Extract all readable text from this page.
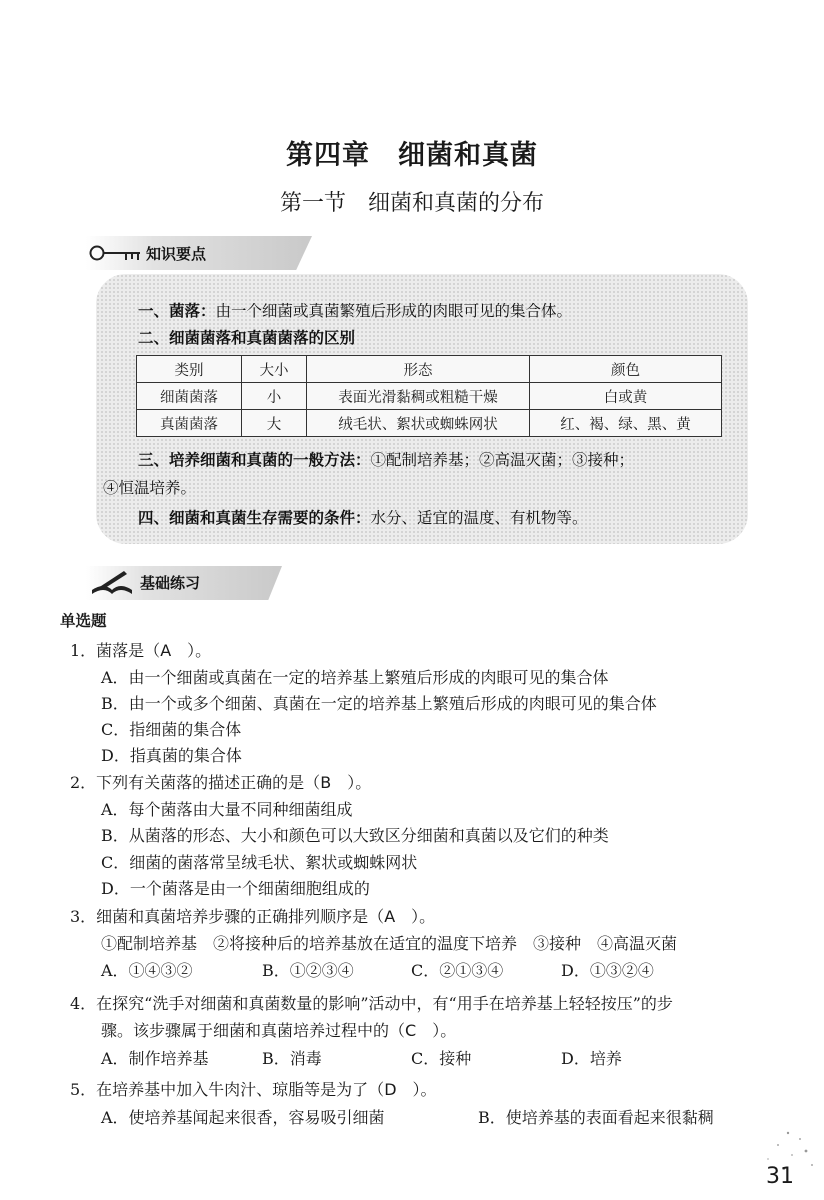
第四章　细菌和真菌
第一节　细菌和真菌的分布
知识要点
一、菌落：由一个细菌或真菌繁殖后形成的肉眼可见的集合体。
二、细菌菌落和真菌菌落的区别
类别	大小	形态	颜色
细菌菌落	小	表面光滑黏稠或粗糙干燥	白或黄
真菌菌落	大	绒毛状、絮状或蜘蛛网状	红、褐、绿、黑、黄
三、培养细菌和真菌的一般方法：①配制培养基；②高温灭菌；③接种；
④恒温培养。
四、细菌和真菌生存需要的条件：水分、适宜的温度、有机物等。
基础练习
单选题
1．菌落是（A　 ）。
A．由一个细菌或真菌在一定的培养基上繁殖后形成的肉眼可见的集合体
B．由一个或多个细菌、真菌在一定的培养基上繁殖后形成的肉眼可见的集合体
C．指细菌的集合体
D．指真菌的集合体
2．下列有关菌落的描述正确的是（B　 ）。
A．每个菌落由大量不同种细菌组成
B．从菌落的形态、大小和颜色可以大致区分细菌和真菌以及它们的种类
C．细菌的菌落常呈绒毛状、絮状或蜘蛛网状
D．一个菌落是由一个细菌细胞组成的
3．细菌和真菌培养步骤的正确排列顺序是（A　 ）。
①配制培养基　②将接种后的培养基放在适宜的温度下培养　③接种　④高温灭菌
A．①④③②	B．①②③④	C．②①③④	D．①③②④
4．在探究“洗手对细菌和真菌数量的影响”活动中，有“用手在培养基上轻轻按压”的步
骤。该步骤属于细菌和真菌培养过程中的（C　 ）。
A．制作培养基	B．消毒	C．接种	D．培养
5．在培养基中加入牛肉汁、琼脂等是为了（D　 ）。
A．使培养基闻起来很香，容易吸引细菌	B．使培养基的表面看起来很黏稠
31
